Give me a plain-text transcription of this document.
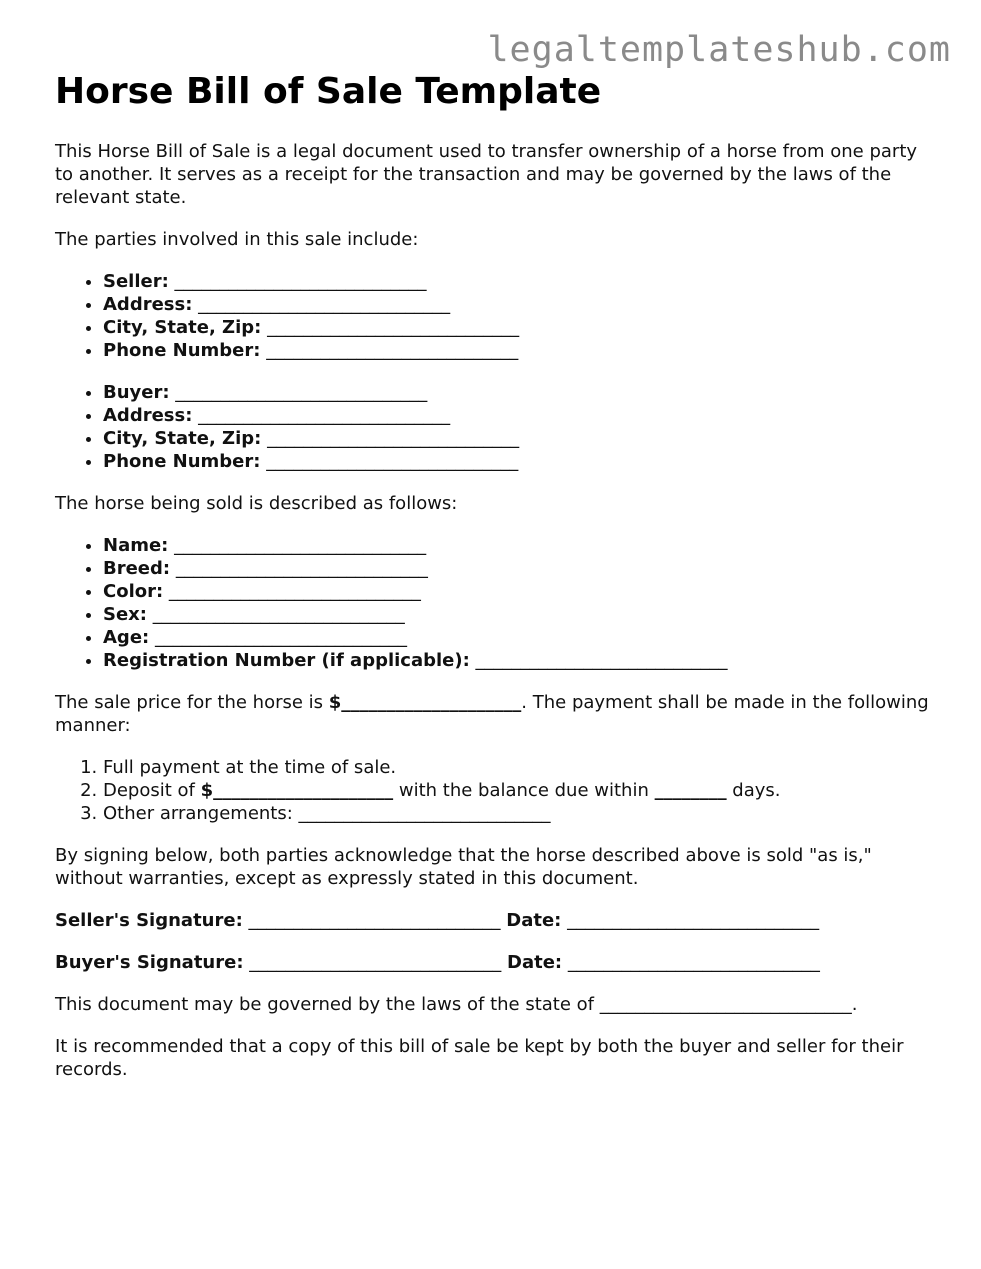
legaltemplateshub.com
Horse Bill of Sale Template

This Horse Bill of Sale is a legal document used to transfer ownership of a horse from one party to another. It serves as a receipt for the transaction and may be governed by the laws of the relevant state.

The parties involved in this sale include:

• Seller: ____________________________
• Address: ____________________________
• City, State, Zip: ____________________________
• Phone Number: ____________________________
• Buyer: ____________________________
• Address: ____________________________
• City, State, Zip: ____________________________
• Phone Number: ____________________________

The horse being sold is described as follows:

• Name: ____________________________
• Breed: ____________________________
• Color: ____________________________
• Sex: ____________________________
• Age: ____________________________
• Registration Number (if applicable): ____________________________

The sale price for the horse is $____________________. The payment shall be made in the following manner:

1. Full payment at the time of sale.
2. Deposit of $____________________ with the balance due within ________ days.
3. Other arrangements: ____________________________

By signing below, both parties acknowledge that the horse described above is sold "as is," without warranties, except as expressly stated in this document.

Seller's Signature: ____________________________ Date: ____________________________
Buyer's Signature: ____________________________ Date: ____________________________

This document may be governed by the laws of the state of ____________________________.

It is recommended that a copy of this bill of sale be kept by both the buyer and seller for their records.
